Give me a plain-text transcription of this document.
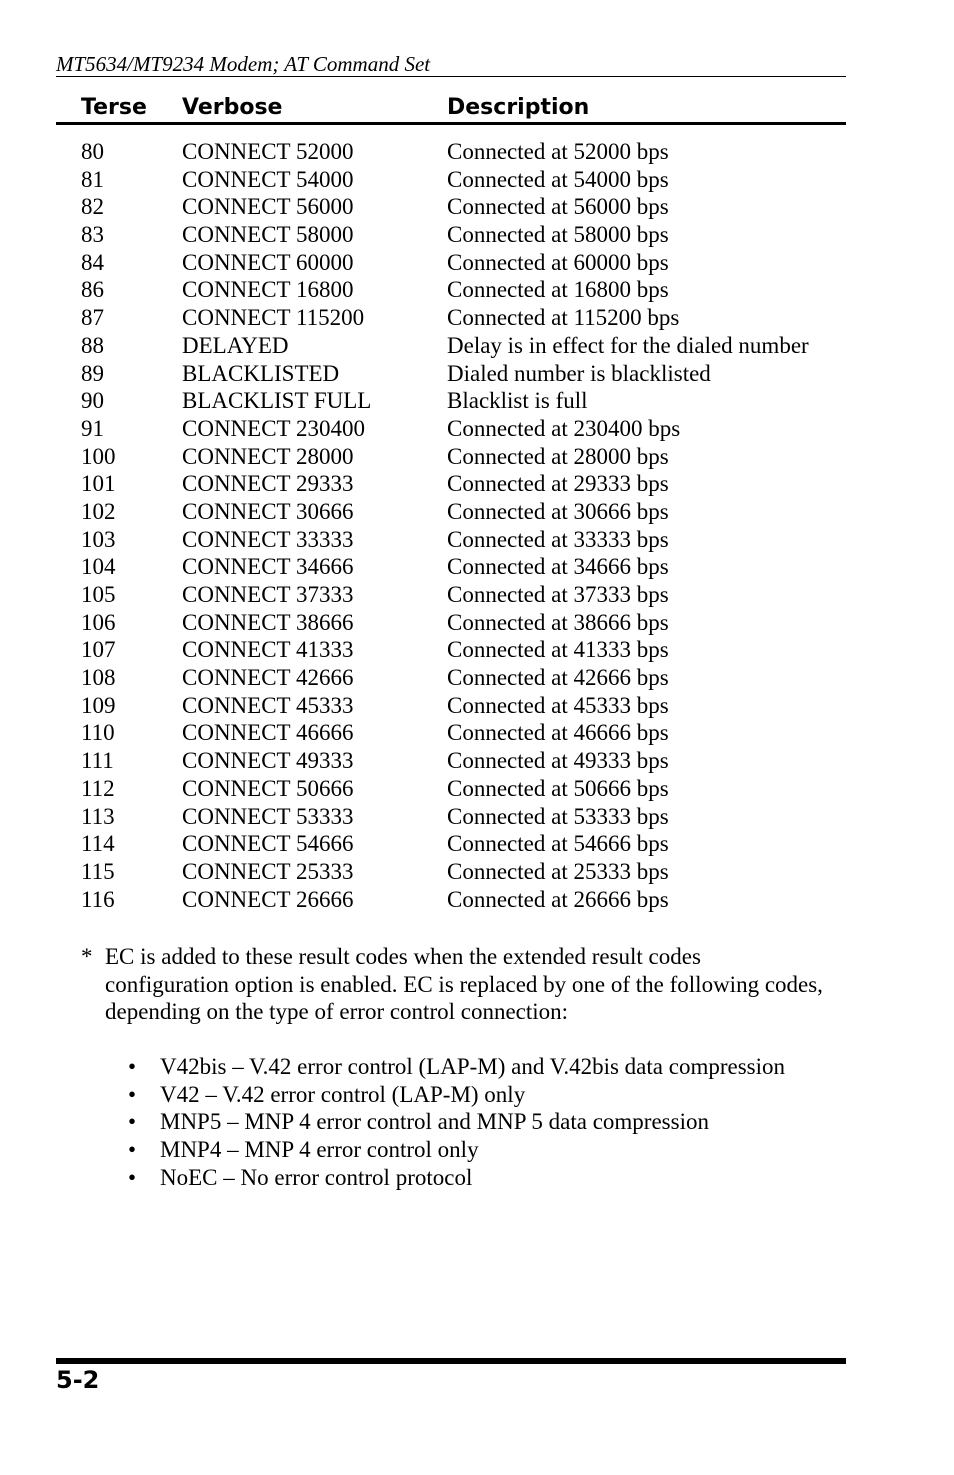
MT5634/MT9234 Modem; AT Command Set
Terse Verbose	Description
80	CONNECT 52000	Connected at 52000 bps
81	CONNECT 54000	Connected at 54000 bps
82	CONNECT 56000	Connected at 56000 bps
83	CONNECT 58000	Connected at 58000 bps
84	CONNECT 60000	Connected at 60000 bps
86	CONNECT 16800	Connected at 16800 bps
87	CONNECT 115200	Connected at 115200 bps
88	DELAYED	Delay is in effect for the dialed number
89	BLACKLISTED	Dialed number is blacklisted
90	BLACKLIST FULL	Blacklist is full
91	CONNECT 230400	Connected at 230400 bps
100	CONNECT 28000	Connected at 28000 bps
101	CONNECT 29333	Connected at 29333 bps
102	CONNECT 30666	Connected at 30666 bps
103	CONNECT 33333	Connected at 33333 bps
104	CONNECT 34666	Connected at 34666 bps
105	CONNECT 37333	Connected at 37333 bps
106	CONNECT 38666	Connected at 38666 bps
107	CONNECT 41333	Connected at 41333 bps
108	CONNECT 42666	Connected at 42666 bps
109	CONNECT 45333	Connected at 45333 bps
110	CONNECT 46666	Connected at 46666 bps
111	CONNECT 49333	Connected at 49333 bps
112	CONNECT 50666	Connected at 50666 bps
113	CONNECT 53333	Connected at 53333 bps
114	CONNECT 54666	Connected at 54666 bps
115	CONNECT 25333	Connected at 25333 bps
116	CONNECT 26666	Connected at 26666 bps
* EC is added to these result codes when the extended result codes configuration option is enabled. EC is replaced by one of the following codes, depending on the type of error control connection:
• V42bis – V.42 error control (LAP-M) and V.42bis data compression
• V42 – V.42 error control (LAP-M) only
• MNP5 – MNP 4 error control and MNP 5 data compression
• MNP4 – MNP 4 error control only
• NoEC – No error control protocol
5-2
